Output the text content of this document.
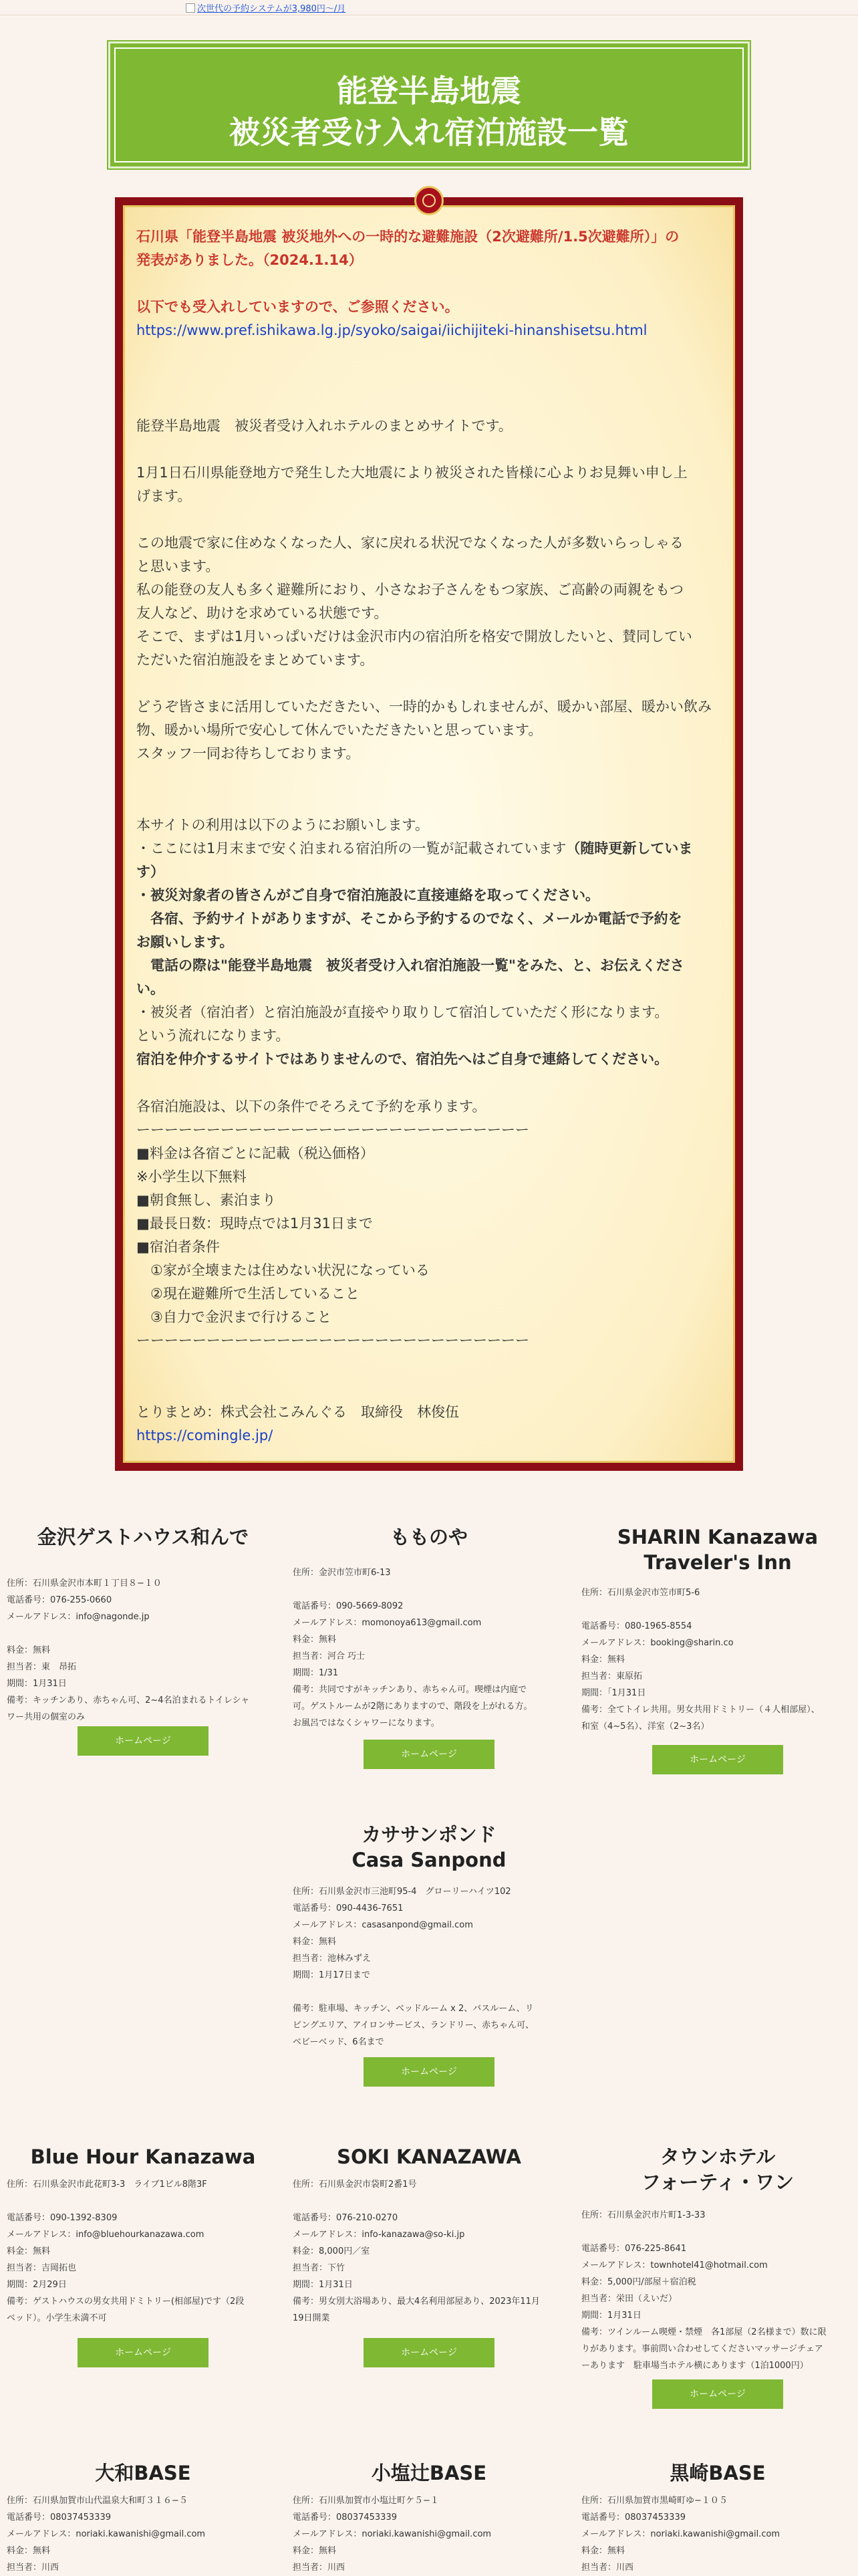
次世代の予約システムが3,980円〜/月
能登半島地震
被災者受け入れ宿泊施設一覧
石川県「能登半島地震 被災地外への一時的な避難施設（2次避難所/1.5次避難所）」の
発表がありました。（2024.1.14）

以下でも受入れしていますので、ご参照ください。
https://www.pref.ishikawa.lg.jp/syoko/saigai/iichijiteki-hinanshisetsu.html
能登半島地震　被災者受け入れホテルのまとめサイトです。

1月1日石川県能登地方で発生した大地震により被災された皆様に心よりお見舞い申し上
げます。

この地震で家に住めなくなった人、家に戻れる状況でなくなった人が多数いらっしゃる
と思います。
私の能登の友人も多く避難所におり、小さなお子さんをもつ家族、ご高齢の両親をもつ
友人など、助けを求めている状態です。
そこで、まずは1月いっぱいだけは金沢市内の宿泊所を格安で開放したいと、賛同してい
ただいた宿泊施設をまとめています。

どうぞ皆さまに活用していただきたい、一時的かもしれませんが、暖かい部屋、暖かい飲み
物、暖かい場所で安心して休んでいただきたいと思っています。
スタッフ一同お待ちしております。
本サイトの利用は以下のようにお願いします。
・ここには1月末まで安く泊まれる宿泊所の一覧が記載されています（随時更新していま
す）
・被災対象者の皆さんがご自身で宿泊施設に直接連絡を取ってください。
　各宿、予約サイトがありますが、そこから予約するのでなく、メールか電話で予約を
お願いします。
　電話の際は"能登半島地震　被災者受け入れ宿泊施設一覧"をみた、と、お伝えくださ
い。
・被災者（宿泊者）と宿泊施設が直接やり取りして宿泊していただく形になります。
という流れになります。
宿泊を仲介するサイトではありませんので、宿泊先へはご自身で連絡してください。
各宿泊施設は、以下の条件でそろえて予約を承ります。
ーーーーーーーーーーーーーーーーーーーーーーーーーーーー
■料金は各宿ごとに記載（税込価格）
※小学生以下無料
■朝食無し、素泊まり
■最長日数：現時点では1月31日まで
■宿泊者条件
　①家が全壊または住めない状況になっている
　②現在避難所で生活していること
　③自力で金沢まで行けること
ーーーーーーーーーーーーーーーーーーーーーーーーーーーー
とりまとめ：株式会社こみんぐる　取締役　林俊伍
https://comingle.jp/
金沢ゲストハウス和んで
住所：石川県金沢市本町１丁目８−１０
電話番号：076-255-0660
メールアドレス：info@nagonde.jp

料金：無料
担当者：東　昂拓
期間：1月31日
備考：キッチンあり、赤ちゃん可、2~4名泊まれるトイレシャ
ワー共用の個室のみ
ホームページ
もものや
住所：金沢市笠市町6-13

電話番号：090-5669-8092
メールアドレス：momonoya613@gmail.com
料金：無料
担当者：河合 巧士
期間：1/31
備考：共同ですがキッチンあり、赤ちゃん可。喫煙は内庭で
可。ゲストルームが2階にありますので、階段を上がれる方。
お風呂ではなくシャワーになります。
ホームページ
SHARIN Kanazawa
Traveler's Inn
住所：石川県金沢市笠市町5-6

電話番号：080-1965-8554
メールアドレス：booking@sharin.co
料金：無料
担当者：東原拓
期間：「1月31日
備考：全てトイレ共用。男女共用ドミトリー（４人相部屋）、
和室（4~5名）、洋室（2~3名）
ホームページ
カササンポンド
Casa Sanpond
住所：石川県金沢市三池町95-4　グローリーハイツ102
電話番号：090-4436-7651
メールアドレス：casasanpond@gmail.com
料金：無料
担当者：池林みずえ
期間：1月17日まで

備考：駐車場、キッチン、ベッドルーム x 2、バスルーム、リ
ビングエリア、アイロンサービス、ランドリー、赤ちゃん可、
ベビーベッド、6名まで
ホームページ
Blue Hour Kanazawa
住所：石川県金沢市此花町3-3　ライブ1ビル8階3F

電話番号：090-1392-8309
メールアドレス：info@bluehourkanazawa.com
料金：無料
担当者：吉岡拓也
期間：2月29日
備考：ゲストハウスの男女共用ドミトリー(相部屋)です（2段
ベッド）。小学生未満不可
ホームページ
SOKI KANAZAWA
住所：石川県金沢市袋町2番1号

電話番号：076-210-0270
メールアドレス：info-kanazawa@so-ki.jp
料金：8,000円／室
担当者：下竹
期間：1月31日
備考：男女別大浴場あり、最大4名利用部屋あり、2023年11月
19日開業
ホームページ
タウンホテル
フォーティ・ワン
住所：石川県金沢市片町1-3-33

電話番号：076-225-8641
メールアドレス：townhotel41@hotmail.com
料金：5,000円/部屋＋宿泊税
担当者：栄田（えいだ）
期間：1月31日
備考：ツインルーム喫煙・禁煙　各1部屋（2名様まで）数に限
りがあります。事前問い合わせしてくださいマッサージチェア
ーあります　駐車場当ホテル横にあります（1泊1000円）
ホームページ
大和BASE
住所：石川県加賀市山代温泉大和町３１６−５
電話番号：08037453339
メールアドレス：noriaki.kawanishi@gmail.com
料金：無料
担当者：川西
小塩辻BASE
住所：石川県加賀市小塩辻町ケ５−１
電話番号：08037453339
メールアドレス：noriaki.kawanishi@gmail.com
料金：無料
担当者：川西
黒崎BASE
住所：石川県加賀市黒崎町ゆ−１０５
電話番号：08037453339
メールアドレス：noriaki.kawanishi@gmail.com
料金：無料
担当者：川西
